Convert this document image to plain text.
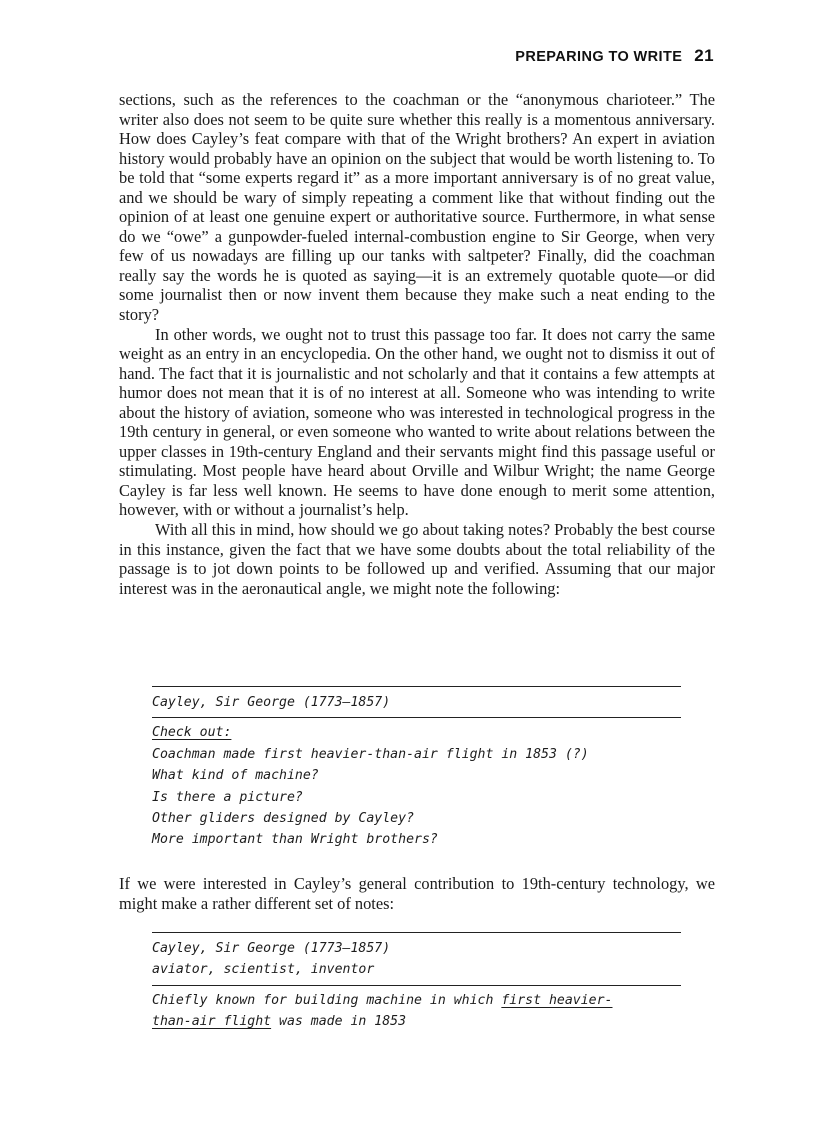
PREPARING TO WRITE 21

sections, such as the references to the coachman or the “anonymous charioteer.” The writer also does not seem to be quite sure whether this really is a momentous anniversary. How does Cayley’s feat compare with that of the Wright brothers? An expert in aviation history would probably have an opinion on the subject that would be worth listening to. To be told that “some experts regard it” as a more important anniversary is of no great value, and we should be wary of simply repeating a comment like that without finding out the opinion of at least one genuine expert or authoritative source. Furthermore, in what sense do we “owe” a gunpowder-fueled internal-combustion engine to Sir George, when very few of us nowadays are filling up our tanks with saltpeter? Finally, did the coachman really say the words he is quoted as saying—it is an extremely quotable quote—or did some journalist then or now invent them because they make such a neat ending to the story?

In other words, we ought not to trust this passage too far. It does not carry the same weight as an entry in an encyclopedia. On the other hand, we ought not to dismiss it out of hand. The fact that it is journalistic and not scholarly and that it contains a few attempts at humor does not mean that it is of no interest at all. Someone who was intending to write about the history of aviation, someone who was interested in technological progress in the 19th century in general, or even someone who wanted to write about relations between the upper classes in 19th-century England and their servants might find this passage useful or stimulating. Most people have heard about Orville and Wilbur Wright; the name George Cayley is far less well known. He seems to have done enough to merit some attention, however, with or without a journalist’s help.

With all this in mind, how should we go about taking notes? Probably the best course in this instance, given the fact that we have some doubts about the total reliability of the passage is to jot down points to be followed up and verified. Assuming that our major interest was in the aeronautical angle, we might note the following:

Cayley, Sir George (1773–1857)
Check out:
Coachman made first heavier-than-air flight in 1853 (?)
What kind of machine?
Is there a picture?
Other gliders designed by Cayley?
More important than Wright brothers?

If we were interested in Cayley’s general contribution to 19th-century technology, we might make a rather different set of notes:

Cayley, Sir George (1773–1857)
aviator, scientist, inventor
Chiefly known for building machine in which first heavier-
than-air flight was made in 1853
